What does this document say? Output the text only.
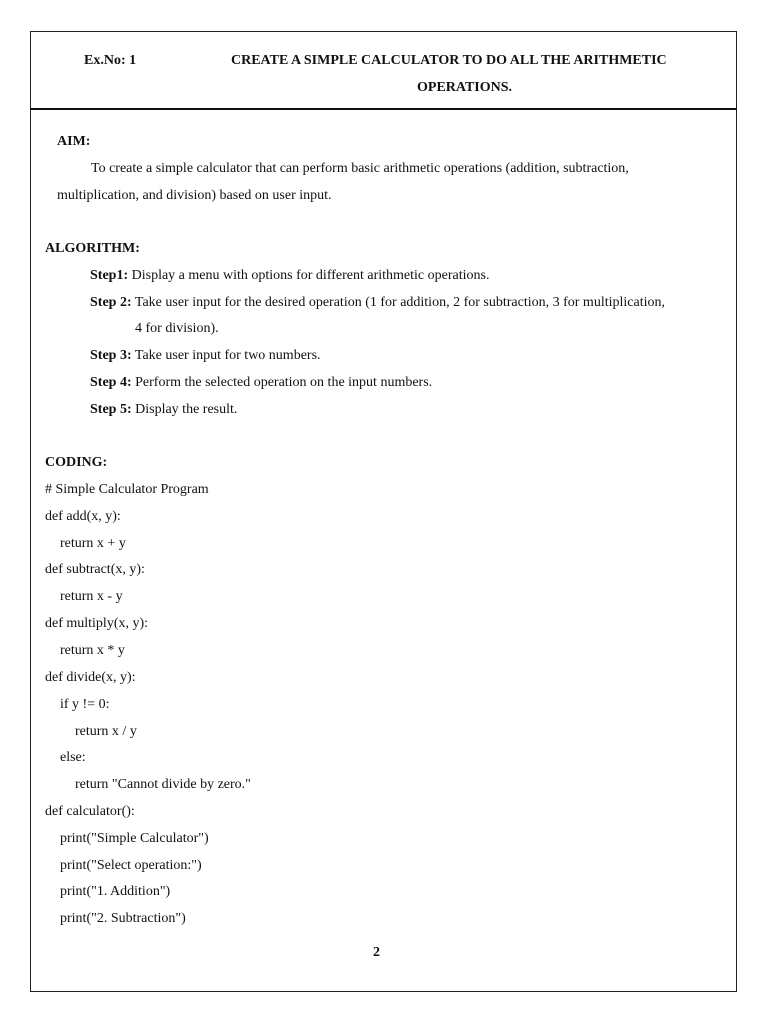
Ex.No: 1	CREATE A SIMPLE CALCULATOR TO DO ALL THE ARITHMETIC
OPERATIONS.
AIM:
To create a simple calculator that can perform basic arithmetic operations (addition, subtraction,
multiplication, and division) based on user input.
ALGORITHM:
Step1: Display a menu with options for different arithmetic operations.
Step 2: Take user input for the desired operation (1 for addition, 2 for subtraction, 3 for multiplication,
4 for division).
Step 3: Take user input for two numbers.
Step 4: Perform the selected operation on the input numbers.
Step 5: Display the result.
CODING:
# Simple Calculator Program
def add(x, y):
return x + y
def subtract(x, y):
return x - y
def multiply(x, y):
return x * y
def divide(x, y):
if y != 0:
return x / y
else:
return "Cannot divide by zero."
def calculator():
print("Simple Calculator")
print("Select operation:")
print("1. Addition")
print("2. Subtraction")
2
